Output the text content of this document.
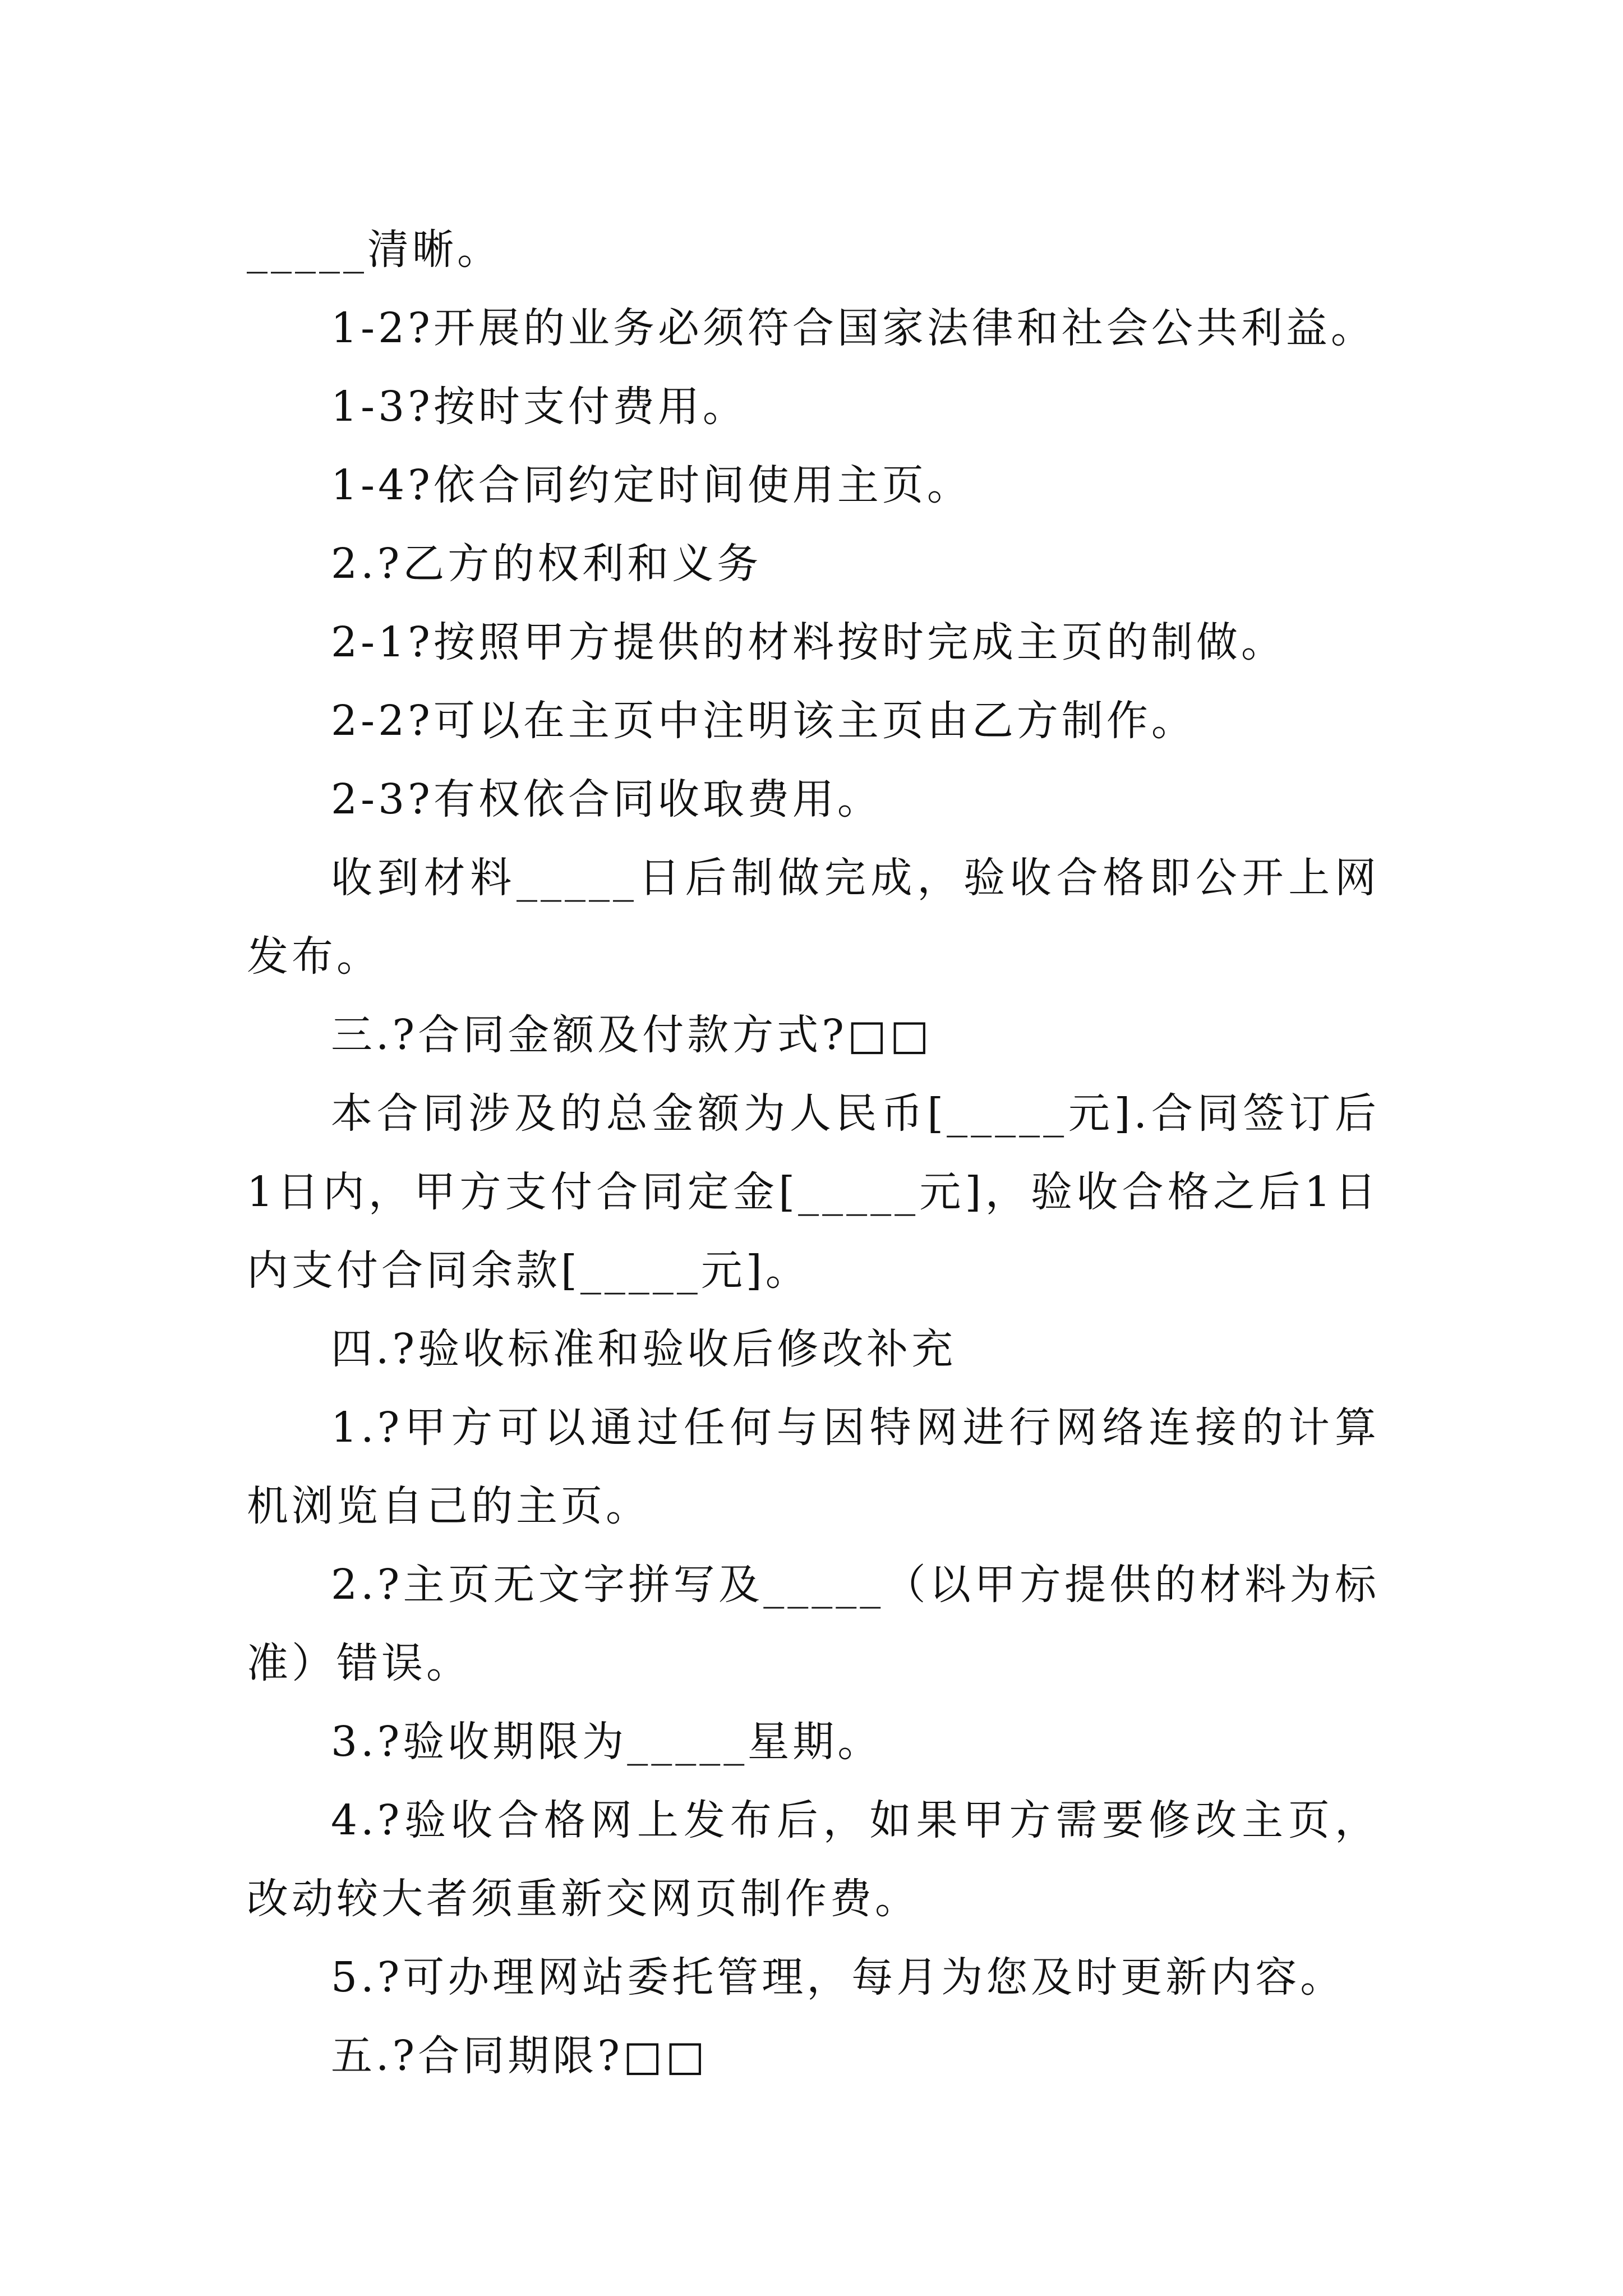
_____清晰。

1-2?开展的业务必须符合国家法律和社会公共利益。

1-3?按时支付费用。

1-4?依合同约定时间使用主页。

2.?乙方的权利和义务

2-1?按照甲方提供的材料按时完成主页的制做。

2-2?可以在主页中注明该主页由乙方制作。

2-3?有权依合同收取费用。

收到材料_____日后制做完成，验收合格即公开上网发布。

三.?合同金额及付款方式?□□

本合同涉及的总金额为人民币[_____元].合同签订后1日内，甲方支付合同定金[_____元]，验收合格之后1日内支付合同余款[_____元]。

四.?验收标准和验收后修改补充

1.?甲方可以通过任何与因特网进行网络连接的计算机浏览自己的主页。

2.?主页无文字拼写及_____（以甲方提供的材料为标准）错误。

3.?验收期限为_____星期。

4.?验收合格网上发布后，如果甲方需要修改主页，改动较大者须重新交网页制作费。

5.?可办理网站委托管理，每月为您及时更新内容。

五.?合同期限?□□
